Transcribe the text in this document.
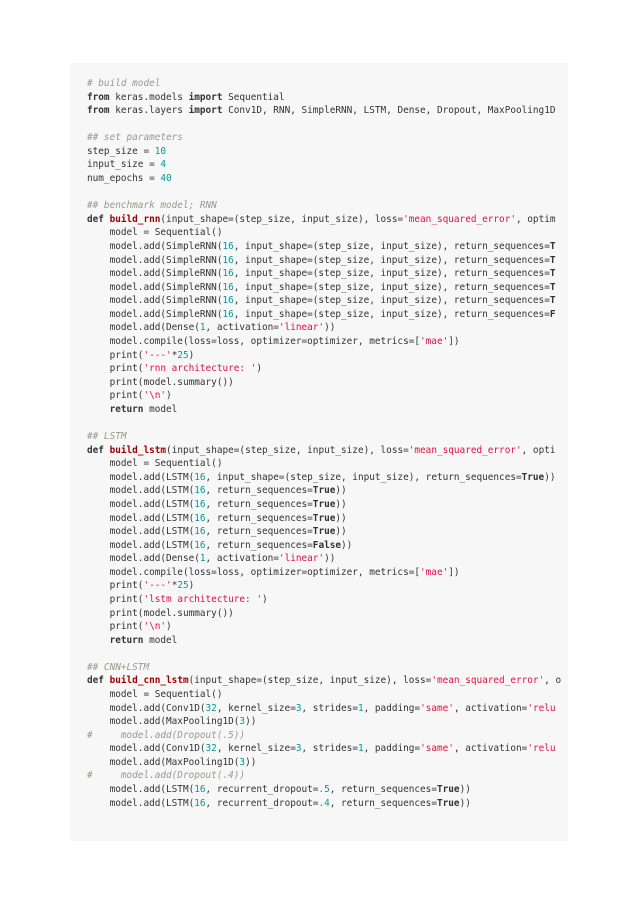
# build model
from keras.models import Sequential
from keras.layers import Conv1D, RNN, SimpleRNN, LSTM, Dense, Dropout, MaxPooling1D

## set parameters
step_size = 10
input_size = 4
num_epochs = 40

## benchmark model; RNN
def build_rnn(input_shape=(step_size, input_size), loss='mean_squared_error', optim
model = Sequential()
model.add(SimpleRNN(16, input_shape=(step_size, input_size), return_sequences=T
model.add(SimpleRNN(16, input_shape=(step_size, input_size), return_sequences=T
model.add(SimpleRNN(16, input_shape=(step_size, input_size), return_sequences=T
model.add(SimpleRNN(16, input_shape=(step_size, input_size), return_sequences=T
model.add(SimpleRNN(16, input_shape=(step_size, input_size), return_sequences=T
model.add(SimpleRNN(16, input_shape=(step_size, input_size), return_sequences=F
model.add(Dense(1, activation='linear'))
model.compile(loss=loss, optimizer=optimizer, metrics=['mae'])
print('---'*25)
print('rnn architecture: ')
print(model.summary())
print('\n')
return model

## LSTM
def build_lstm(input_shape=(step_size, input_size), loss='mean_squared_error', opti
model = Sequential()
model.add(LSTM(16, input_shape=(step_size, input_size), return_sequences=True))
model.add(LSTM(16, return_sequences=True))
model.add(LSTM(16, return_sequences=True))
model.add(LSTM(16, return_sequences=True))
model.add(LSTM(16, return_sequences=True))
model.add(LSTM(16, return_sequences=False))
model.add(Dense(1, activation='linear'))
model.compile(loss=loss, optimizer=optimizer, metrics=['mae'])
print('---'*25)
print('lstm architecture: ')
print(model.summary())
print('\n')
return model

## CNN+LSTM
def build_cnn_lstm(input_shape=(step_size, input_size), loss='mean_squared_error', o
model = Sequential()
model.add(Conv1D(32, kernel_size=3, strides=1, padding='same', activation='relu
model.add(MaxPooling1D(3))
#     model.add(Dropout(.5))
model.add(Conv1D(32, kernel_size=3, strides=1, padding='same', activation='relu
model.add(MaxPooling1D(3))
#     model.add(Dropout(.4))
model.add(LSTM(16, recurrent_dropout=.5, return_sequences=True))
model.add(LSTM(16, recurrent_dropout=.4, return_sequences=True))
